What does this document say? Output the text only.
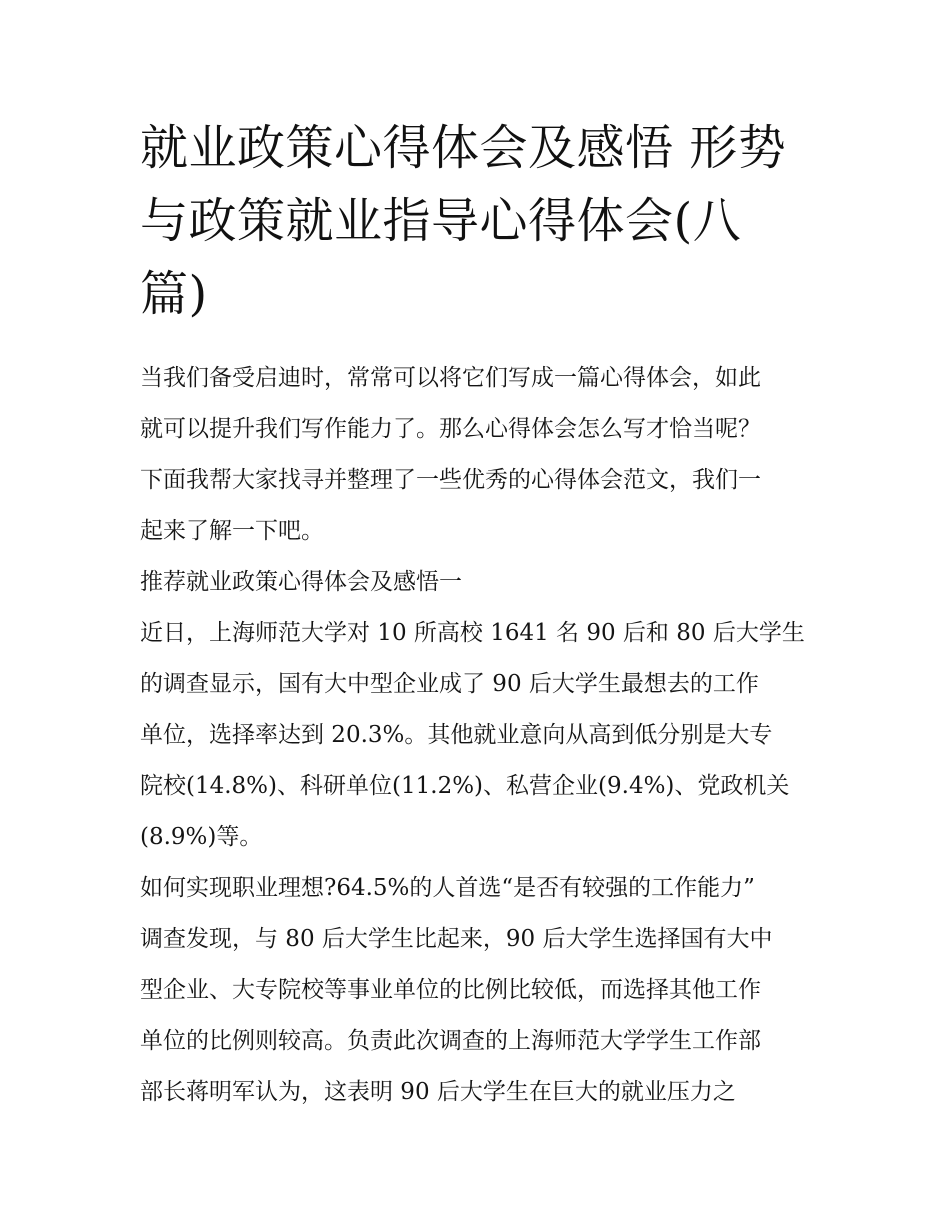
就业政策心得体会及感悟 形势
与政策就业指导心得体会(八
篇)
当我们备受启迪时，常常可以将它们写成一篇心得体会，如此
就可以提升我们写作能力了。那么心得体会怎么写才恰当呢？
下面我帮大家找寻并整理了一些优秀的心得体会范文，我们一
起来了解一下吧。
推荐就业政策心得体会及感悟一
近日，上海师范大学对 10 所高校 1641 名 90 后和 80 后大学生
的调查显示，国有大中型企业成了 90 后大学生最想去的工作
单位，选择率达到 20.3%。其他就业意向从高到低分别是大专
院校(14.8%)、科研单位(11.2%)、私营企业(9.4%)、党政机关
(8.9%)等。
如何实现职业理想?64.5%的人首选“是否有较强的工作能力”
调查发现，与 80 后大学生比起来，90 后大学生选择国有大中
型企业、大专院校等事业单位的比例比较低，而选择其他工作
单位的比例则较高。负责此次调查的上海师范大学学生工作部
部长蒋明军认为，这表明 90 后大学生在巨大的就业压力之
